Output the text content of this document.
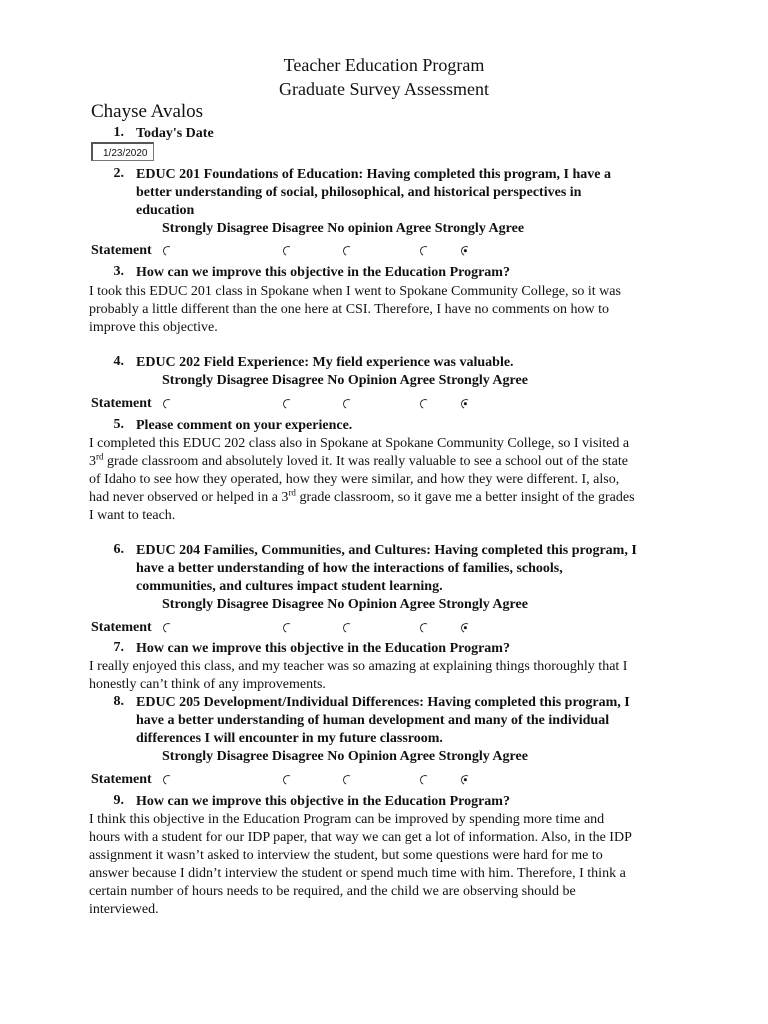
Teacher Education Program
Graduate Survey Assessment
Chayse Avalos
1. Today's Date
1/23/2020
2. EDUC 201 Foundations of Education: Having completed this program, I have a
better understanding of social, philosophical, and historical perspectives in
education
Strongly Disagree Disagree No opinion Agree Strongly Agree
Statement
3. How can we improve this objective in the Education Program?
I took this EDUC 201 class in Spokane when I went to Spokane Community College, so it was
probably a little different than the one here at CSI. Therefore, I have no comments on how to
improve this objective.
4. EDUC 202 Field Experience: My field experience was valuable.
Strongly Disagree Disagree No Opinion Agree Strongly Agree
Statement
5. Please comment on your experience.
I completed this EDUC 202 class also in Spokane at Spokane Community College, so I visited a
3rd grade classroom and absolutely loved it. It was really valuable to see a school out of the state
of Idaho to see how they operated, how they were similar, and how they were different. I, also,
had never observed or helped in a 3rd grade classroom, so it gave me a better insight of the grades
I want to teach.
6. EDUC 204 Families, Communities, and Cultures: Having completed this program, I
have a better understanding of how the interactions of families, schools,
communities, and cultures impact student learning.
Strongly Disagree Disagree No Opinion Agree Strongly Agree
Statement
7. How can we improve this objective in the Education Program?
I really enjoyed this class, and my teacher was so amazing at explaining things thoroughly that I
honestly can’t think of any improvements.
8. EDUC 205 Development/Individual Differences: Having completed this program, I
have a better understanding of human development and many of the individual
differences I will encounter in my future classroom.
Strongly Disagree Disagree No Opinion Agree Strongly Agree
Statement
9. How can we improve this objective in the Education Program?
I think this objective in the Education Program can be improved by spending more time and
hours with a student for our IDP paper, that way we can get a lot of information. Also, in the IDP
assignment it wasn’t asked to interview the student, but some questions were hard for me to
answer because I didn’t interview the student or spend much time with him. Therefore, I think a
certain number of hours needs to be required, and the child we are observing should be
interviewed.
